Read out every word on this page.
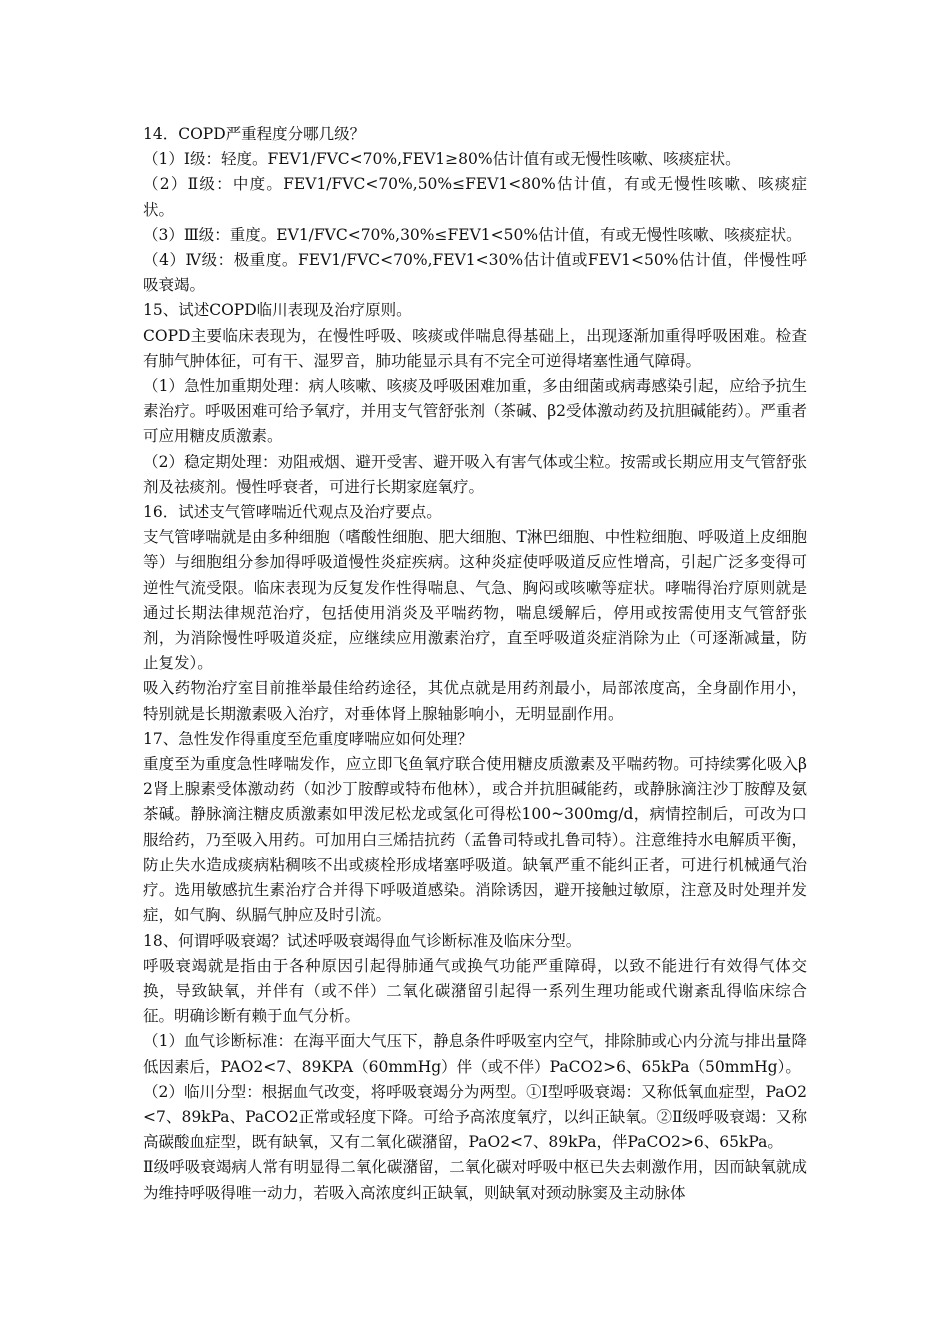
14．COPD严重程度分哪几级？

（1）Ⅰ级：轻度。FEV1/FVC<70%,FEV1≥80%估计值有或无慢性咳嗽、咳痰症状。

（2）Ⅱ级：中度。FEV1/FVC<70%,50%≤FEV1<80%估计值，有或无慢性咳嗽、咳痰症状。

（3）Ⅲ级：重度。EV1/FVC<70%,30%≤FEV1<50%估计值，有或无慢性咳嗽、咳痰症状。

（4）Ⅳ级：极重度。FEV1/FVC<70%,FEV1<30%估计值或FEV1<50%估计值，伴慢性呼吸衰竭。

15、试述COPD临川表现及治疗原则。

COPD主要临床表现为，在慢性呼吸、咳痰或伴喘息得基础上，出现逐渐加重得呼吸困难。检查有肺气肿体征，可有干、湿罗音，肺功能显示具有不完全可逆得堵塞性通气障碍。

（1）急性加重期处理：病人咳嗽、咳痰及呼吸困难加重，多由细菌或病毒感染引起，应给予抗生素治疗。呼吸困难可给予氧疗，并用支气管舒张剂（茶碱、β2受体激动药及抗胆碱能药）。严重者可应用糖皮质激素。

（2）稳定期处理：劝阻戒烟、避开受害、避开吸入有害气体或尘粒。按需或长期应用支气管舒张剂及祛痰剂。慢性呼衰者，可进行长期家庭氧疗。

16．试述支气管哮喘近代观点及治疗要点。

支气管哮喘就是由多种细胞（嗜酸性细胞、肥大细胞、T淋巴细胞、中性粒细胞、呼吸道上皮细胞等）与细胞组分参加得呼吸道慢性炎症疾病。这种炎症使呼吸道反应性增高，引起广泛多变得可逆性气流受限。临床表现为反复发作性得喘息、气急、胸闷或咳嗽等症状。哮喘得治疗原则就是通过长期法律规范治疗，包括使用消炎及平喘药物，喘息缓解后，停用或按需使用支气管舒张剂，为消除慢性呼吸道炎症，应继续应用激素治疗，直至呼吸道炎症消除为止（可逐渐减量，防止复发）。

吸入药物治疗室目前推举最佳给药途径，其优点就是用药剂最小，局部浓度高，全身副作用小，特别就是长期激素吸入治疗，对垂体肾上腺轴影响小，无明显副作用。

17、急性发作得重度至危重度哮喘应如何处理？

重度至为重度急性哮喘发作，应立即飞鱼氧疗联合使用糖皮质激素及平喘药物。可持续雾化吸入β2肾上腺素受体激动药（如沙丁胺醇或特布他林），或合并抗胆碱能药，或静脉滴注沙丁胺醇及氨茶碱。静脉滴注糖皮质激素如甲泼尼松龙或氢化可得松100~300mg/d，病情控制后，可改为口服给药，乃至吸入用药。可加用白三烯拮抗药（孟鲁司特或扎鲁司特）。注意维持水电解质平衡，防止失水造成痰病粘稠咳不出或痰栓形成堵塞呼吸道。缺氧严重不能纠正者，可进行机械通气治疗。选用敏感抗生素治疗合并得下呼吸道感染。消除诱因，避开接触过敏原，注意及时处理并发症，如气胸、纵膈气肿应及时引流。

18、何谓呼吸衰竭？试述呼吸衰竭得血气诊断标准及临床分型。

呼吸衰竭就是指由于各种原因引起得肺通气或换气功能严重障碍，以致不能进行有效得气体交换，导致缺氧，并伴有（或不伴）二氧化碳潴留引起得一系列生理功能或代谢紊乱得临床综合征。明确诊断有赖于血气分析。

（1）血气诊断标准：在海平面大气压下，静息条件呼吸室内空气，排除肺或心内分流与排出量降低因素后，PAO2<7、89KPA（60mmHg）伴（或不伴）PaCO2>6、65kPa（50mmHg）。

（2）临川分型：根据血气改变，将呼吸衰竭分为两型。①Ⅰ型呼吸衰竭：又称低氧血症型，PaO2<7、89kPa、PaCO2正常或轻度下降。可给予高浓度氧疗，以纠正缺氧。②Ⅱ级呼吸衰竭：又称高碳酸血症型，既有缺氧，又有二氧化碳潴留，PaO2<7、89kPa，伴PaCO2>6、65kPa。

Ⅱ级呼吸衰竭病人常有明显得二氧化碳潴留，二氧化碳对呼吸中枢已失去刺激作用，因而缺氧就成为维持呼吸得唯一动力，若吸入高浓度纠正缺氧，则缺氧对颈动脉窦及主动脉体
